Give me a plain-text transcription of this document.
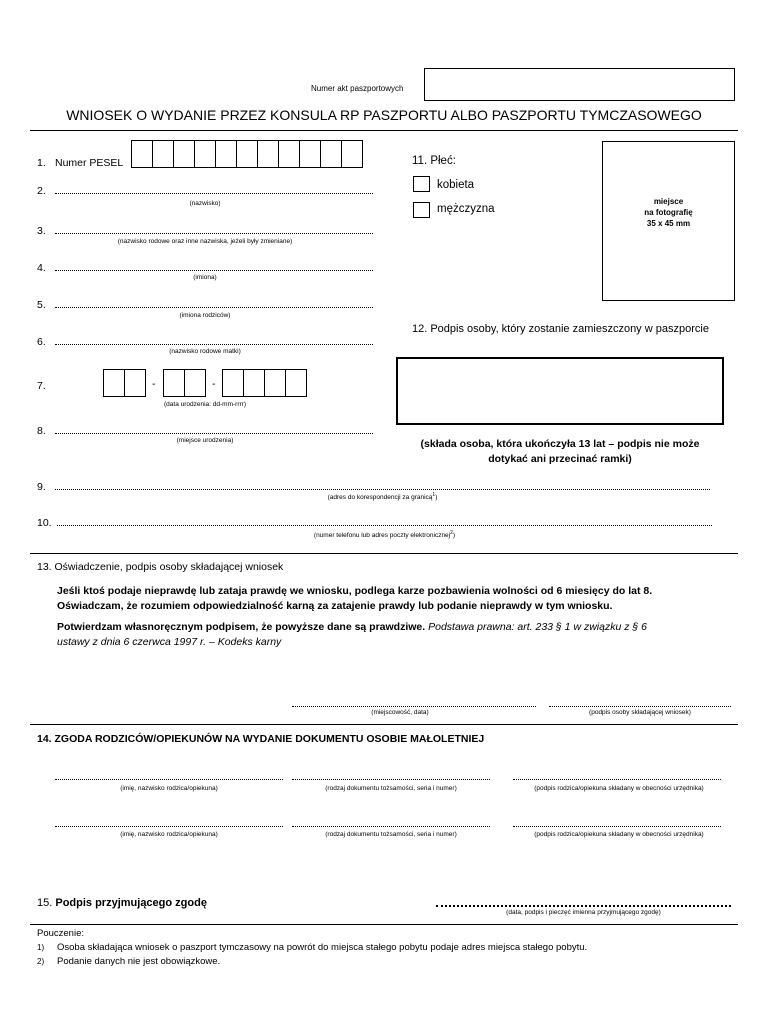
Numer akt paszportowych
WNIOSEK O WYDANIE PRZEZ KONSULA RP PASZPORTU ALBO PASZPORTU TYMCZASOWEGO
1. Numer PESEL
2.
(nazwisko)
3.
(nazwisko rodowe oraz inne nazwiska, jeżeli były zmieniane)
4.
(imiona)
5.
(imiona rodziców)
6.
(nazwisko rodowe matki)
7.	-	-
(data urodzenia: dd-mm-rrrr)
8.
(miejsce urodzenia)
11. Płeć:
kobieta
mężczyzna
miejsce
na fotografię
35 x 45 mm
12. Podpis osoby, który zostanie zamieszczony w paszporcie
(składa osoba, która ukończyła 13 lat – podpis nie może
dotykać ani przecinać ramki)
9.
(adres do korespondencji za granicą$^1$)
10.
(numer telefonu lub adres poczty elektronicznej$^2$)
13. Oświadczenie, podpis osoby składającej wniosek
Jeśli ktoś podaje nieprawdę lub zataja prawdę we wniosku, podlega karze pozbawienia wolności od 6 miesięcy do lat 8.
Oświadczam, że rozumiem odpowiedzialność karną za zatajenie prawdy lub podanie nieprawdy w tym wniosku.
Potwierdzam własnoręcznym podpisem, że powyższe dane są prawdziwe. Podstawa prawna: art. 233 § 1 w związku z § 6
ustawy z dnia 6 czerwca 1997 r. – Kodeks karny
(miejscowość, data)	(podpis osoby składającej wniosek)
14. ZGODA RODZICÓW/OPIEKUNÓW NA WYDANIE DOKUMENTU OSOBIE MAŁOLETNIEJ
(imię, nazwisko rodzica/opiekuna)	(rodzaj dokumentu tożsamości, seria i numer)	(podpis rodzica/opiekuna składany w obecności urzędnika)
(imię, nazwisko rodzica/opiekuna)	(rodzaj dokumentu tożsamości, seria i numer)	(podpis rodzica/opiekuna składany w obecności urzędnika)
15. Podpis przyjmującego zgodę
(data, podpis i pieczęć imienna przyjmującego zgodę)
Pouczenie:
1) Osoba składająca wniosek o paszport tymczasowy na powrót do miejsca stałego pobytu podaje adres miejsca stałego pobytu.
2) Podanie danych nie jest obowiązkowe.
